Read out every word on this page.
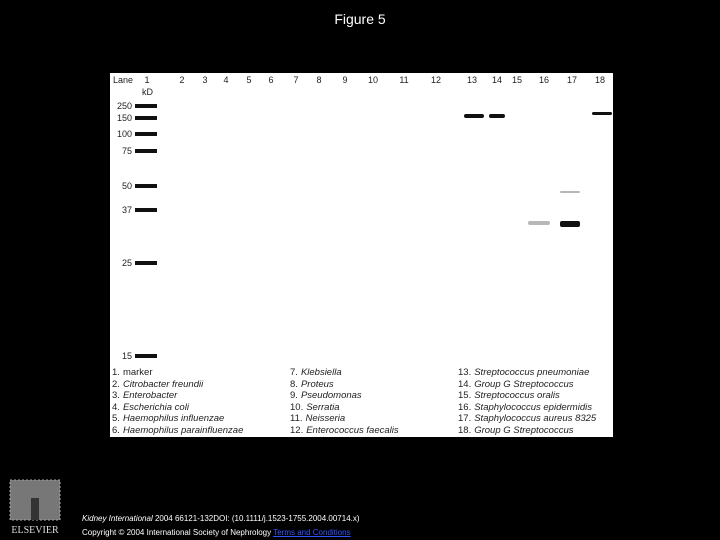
Figure 5
Lane
kD
1	2 3 4 5 6 7 8 9 10 11 12	13 14 15 16 17 18
250
150
100
75
50
37
25
15
1. marker
2. Citrobacter freundii
3. Enterobacter
4. Escherichia coli
5. Haemophilus influenzae
6. Haemophilus parainfluenzae
7. Klebsiella
8. Proteus
9. Pseudomonas
10. Serratia
11. Neisseria
12. Enterococcus faecalis
13. Streptococcus pneumoniae
14. Group G Streptococcus
15. Streptococcus oralis
16. Staphylococcus epidermidis
17. Staphylococcus aureus 8325
18. Group G Streptococcus
ELSEVIER
Kidney International 2004 66121-132DOI: (10.1111/j.1523-1755.2004.00714.x)
Copyright © 2004 International Society of Nephrology Terms and Conditions
